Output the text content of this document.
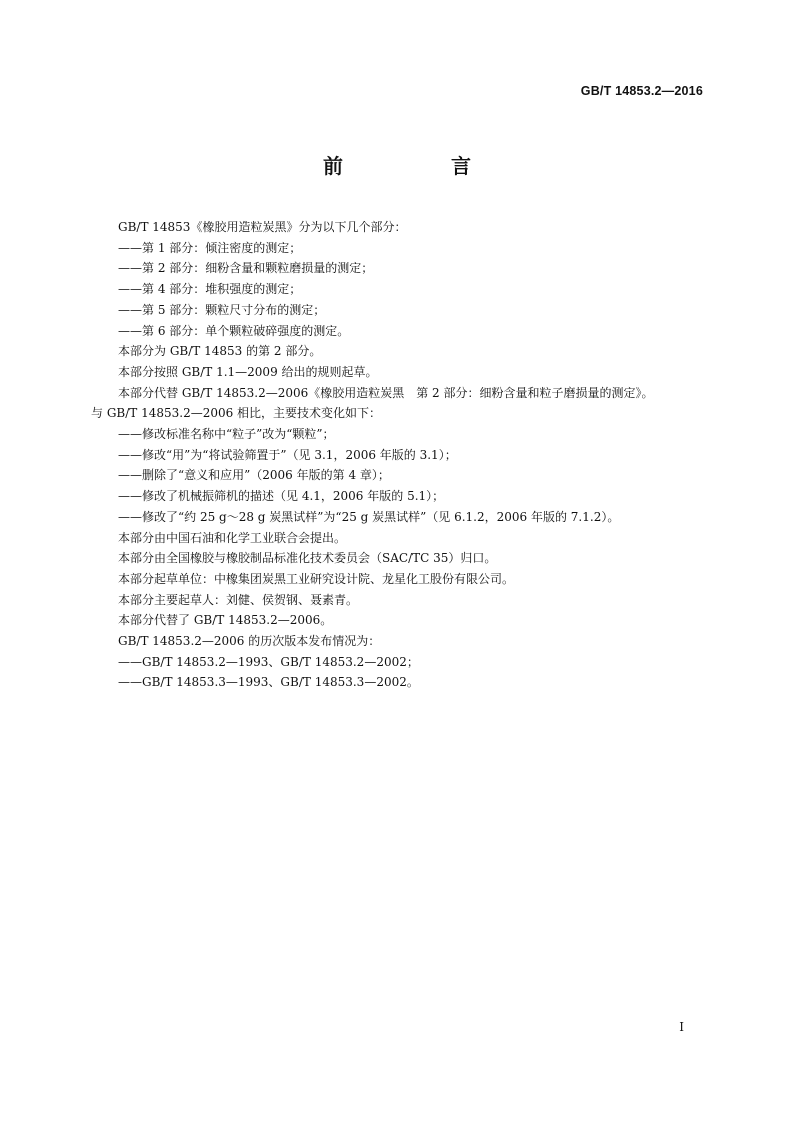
GB/T 14853.2—2016
前　言
GB/T 14853《橡胶用造粒炭黑》分为以下几个部分：
——第 1 部分：倾注密度的测定；
——第 2 部分：细粉含量和颗粒磨损量的测定；
——第 4 部分：堆积强度的测定；
——第 5 部分：颗粒尺寸分布的测定；
——第 6 部分：单个颗粒破碎强度的测定。
本部分为 GB/T 14853 的第 2 部分。
本部分按照 GB/T 1.1—2009 给出的规则起草。
本部分代替 GB/T 14853.2—2006《橡胶用造粒炭黑　第 2 部分：细粉含量和粒子磨损量的测定》。
与 GB/T 14853.2—2006 相比，主要技术变化如下：
——修改标准名称中“粒子”改为“颗粒”；
——修改“用”为“将试验筛置于”（见 3.1，2006 年版的 3.1）；
——删除了“意义和应用”（2006 年版的第 4 章）；
——修改了机械振筛机的描述（见 4.1，2006 年版的 5.1）；
——修改了“约 25 g～28 g 炭黑试样”为“25 g 炭黑试样”（见 6.1.2，2006 年版的 7.1.2）。
本部分由中国石油和化学工业联合会提出。
本部分由全国橡胶与橡胶制品标准化技术委员会（SAC/TC 35）归口。
本部分起草单位：中橡集团炭黑工业研究设计院、龙星化工股份有限公司。
本部分主要起草人：刘健、侯贺钢、聂素青。
本部分代替了 GB/T 14853.2—2006。
GB/T 14853.2—2006 的历次版本发布情况为：
——GB/T 14853.2—1993、GB/T 14853.2—2002；
——GB/T 14853.3—1993、GB/T 14853.3—2002。
I
